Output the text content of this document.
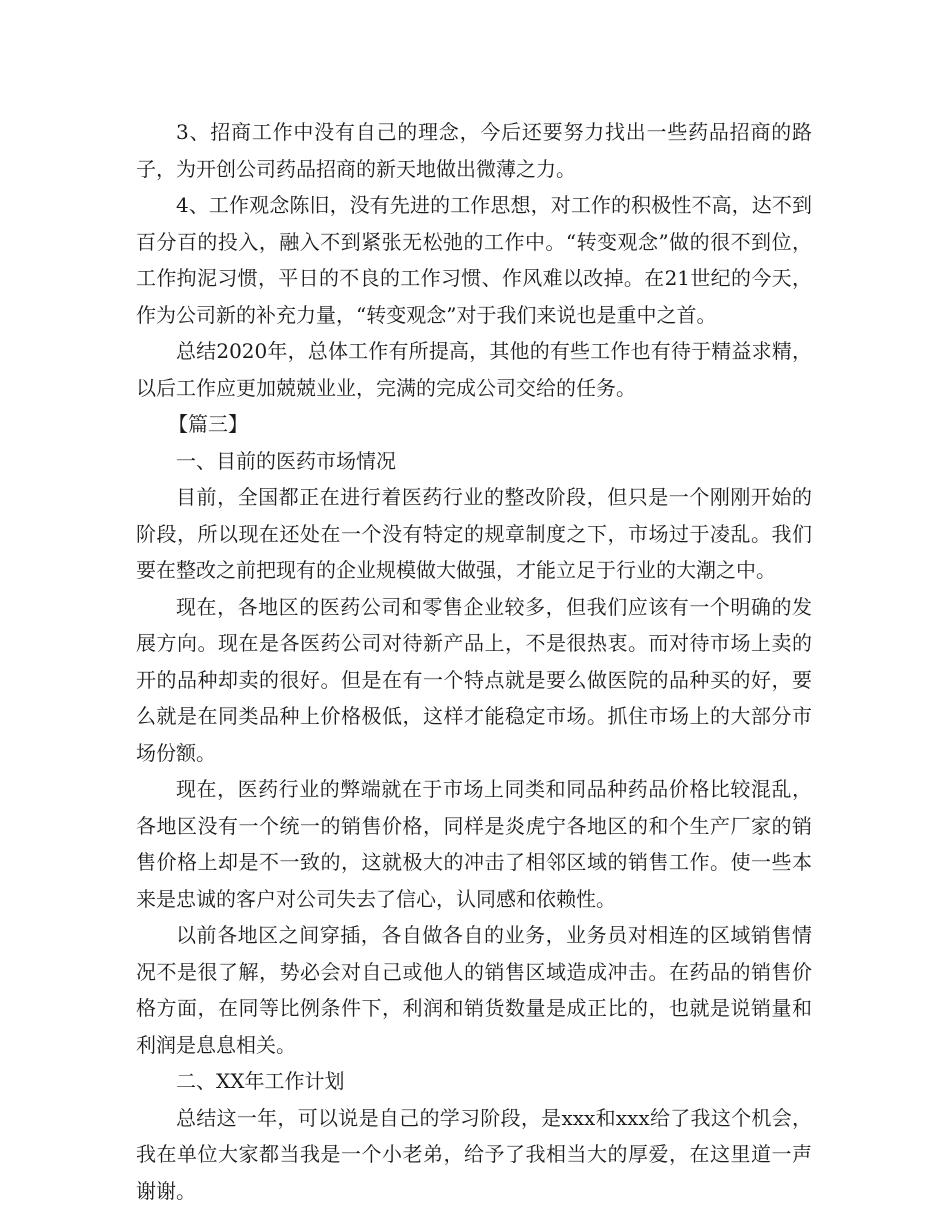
3、招商工作中没有自己的理念，今后还要努力找出一些药品招商的路子，为开创公司药品招商的新天地做出微薄之力。

4、工作观念陈旧，没有先进的工作思想，对工作的积极性不高，达不到百分百的投入，融入不到紧张无松弛的工作中。“转变观念”做的很不到位，工作拘泥习惯，平日的不良的工作习惯、作风难以改掉。在21世纪的今天，作为公司新的补充力量，“转变观念”对于我们来说也是重中之首。

总结2020年，总体工作有所提高，其他的有些工作也有待于精益求精，以后工作应更加兢兢业业，完满的完成公司交给的任务。

【篇三】

一、目前的医药市场情况

目前，全国都正在进行着医药行业的整改阶段，但只是一个刚刚开始的阶段，所以现在还处在一个没有特定的规章制度之下，市场过于凌乱。我们要在整改之前把现有的企业规模做大做强，才能立足于行业的大潮之中。

现在，各地区的医药公司和零售企业较多，但我们应该有一个明确的发展方向。现在是各医药公司对待新产品上，不是很热衷。而对待市场上卖的开的品种却卖的很好。但是在有一个特点就是要么做医院的品种买的好，要么就是在同类品种上价格极低，这样才能稳定市场。抓住市场上的大部分市场份额。

现在，医药行业的弊端就在于市场上同类和同品种药品价格比较混乱，各地区没有一个统一的销售价格，同样是炎虎宁各地区的和个生产厂家的销售价格上却是不一致的，这就极大的冲击了相邻区域的销售工作。使一些本来是忠诚的客户对公司失去了信心，认同感和依赖性。

以前各地区之间穿插，各自做各自的业务，业务员对相连的区域销售情况不是很了解，势必会对自己或他人的销售区域造成冲击。在药品的销售价格方面，在同等比例条件下，利润和销货数量是成正比的，也就是说销量和利润是息息相关。

二、XX年工作计划

总结这一年，可以说是自己的学习阶段，是xxx和xxx给了我这个机会，我在单位大家都当我是一个小老弟，给予了我相当大的厚爱，在这里道一声谢谢。
